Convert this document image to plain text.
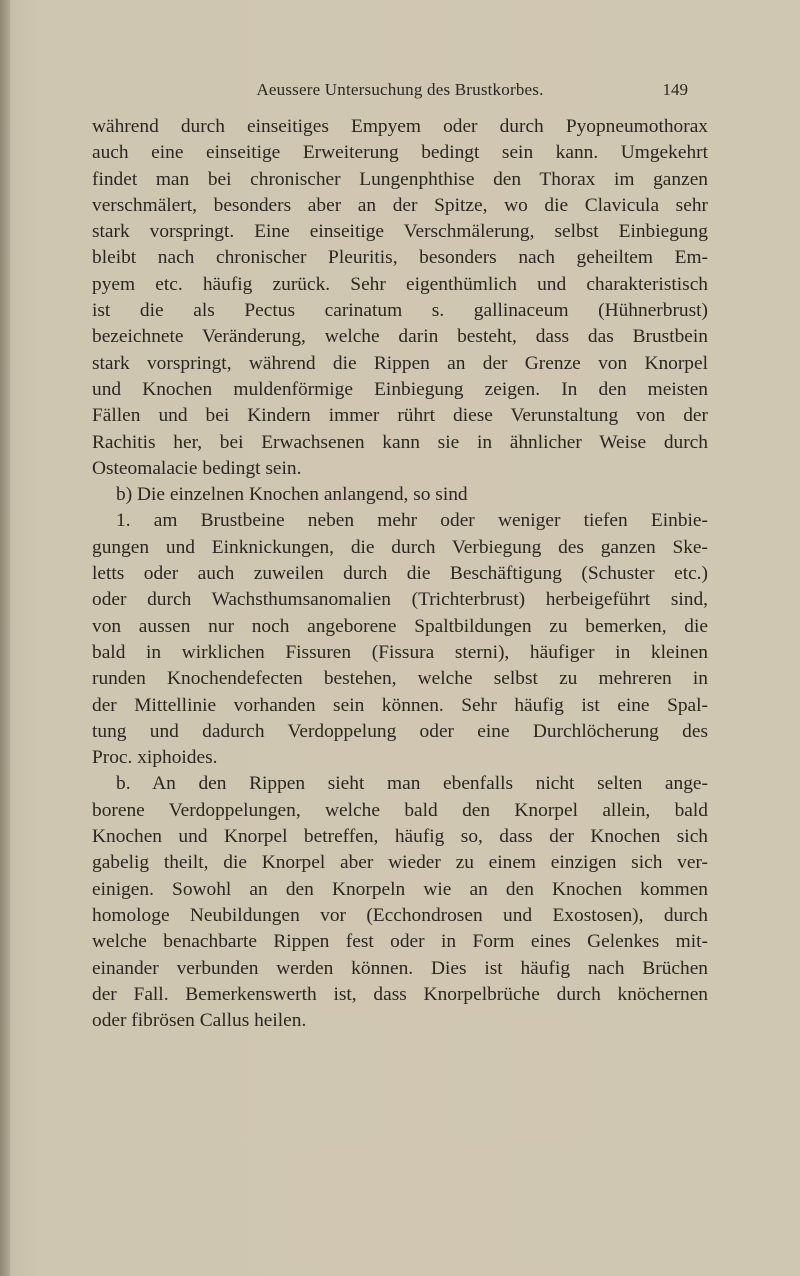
Aeussere Untersuchung des Brustkorbes.	149
während durch einseitiges Empyem oder durch Pyopneumothorax
auch eine einseitige Erweiterung bedingt sein kann. Umgekehrt
findet man bei chronischer Lungenphthise den Thorax im ganzen
verschmälert, besonders aber an der Spitze, wo die Clavicula sehr
stark vorspringt. Eine einseitige Verschmälerung, selbst Einbiegung
bleibt nach chronischer Pleuritis, besonders nach geheiltem Em-
pyem etc. häufig zurück. Sehr eigenthümlich und charakteristisch
ist die als Pectus carinatum s. gallinaceum (Hühnerbrust)
bezeichnete Veränderung, welche darin besteht, dass das Brustbein
stark vorspringt, während die Rippen an der Grenze von Knorpel
und Knochen muldenförmige Einbiegung zeigen. In den meisten
Fällen und bei Kindern immer rührt diese Verunstaltung von der
Rachitis her, bei Erwachsenen kann sie in ähnlicher Weise durch
Osteomalacie bedingt sein.
b) Die einzelnen Knochen anlangend, so sind
1. am Brustbeine neben mehr oder weniger tiefen Einbie-
gungen und Einknickungen, die durch Verbiegung des ganzen Ske-
letts oder auch zuweilen durch die Beschäftigung (Schuster etc.)
oder durch Wachsthumsanomalien (Trichterbrust) herbeigeführt sind,
von aussen nur noch angeborene Spaltbildungen zu bemerken, die
bald in wirklichen Fissuren (Fissura sterni), häufiger in kleinen
runden Knochendefecten bestehen, welche selbst zu mehreren in
der Mittellinie vorhanden sein können. Sehr häufig ist eine Spal-
tung und dadurch Verdoppelung oder eine Durchlöcherung des
Proc. xiphoides.
b. An den Rippen sieht man ebenfalls nicht selten ange-
borene Verdoppelungen, welche bald den Knorpel allein, bald
Knochen und Knorpel betreffen, häufig so, dass der Knochen sich
gabelig theilt, die Knorpel aber wieder zu einem einzigen sich ver-
einigen. Sowohl an den Knorpeln wie an den Knochen kommen
homologe Neubildungen vor (Ecchondrosen und Exostosen), durch
welche benachbarte Rippen fest oder in Form eines Gelenkes mit-
einander verbunden werden können. Dies ist häufig nach Brüchen
der Fall. Bemerkenswerth ist, dass Knorpelbrüche durch knöchernen
oder fibrösen Callus heilen.
